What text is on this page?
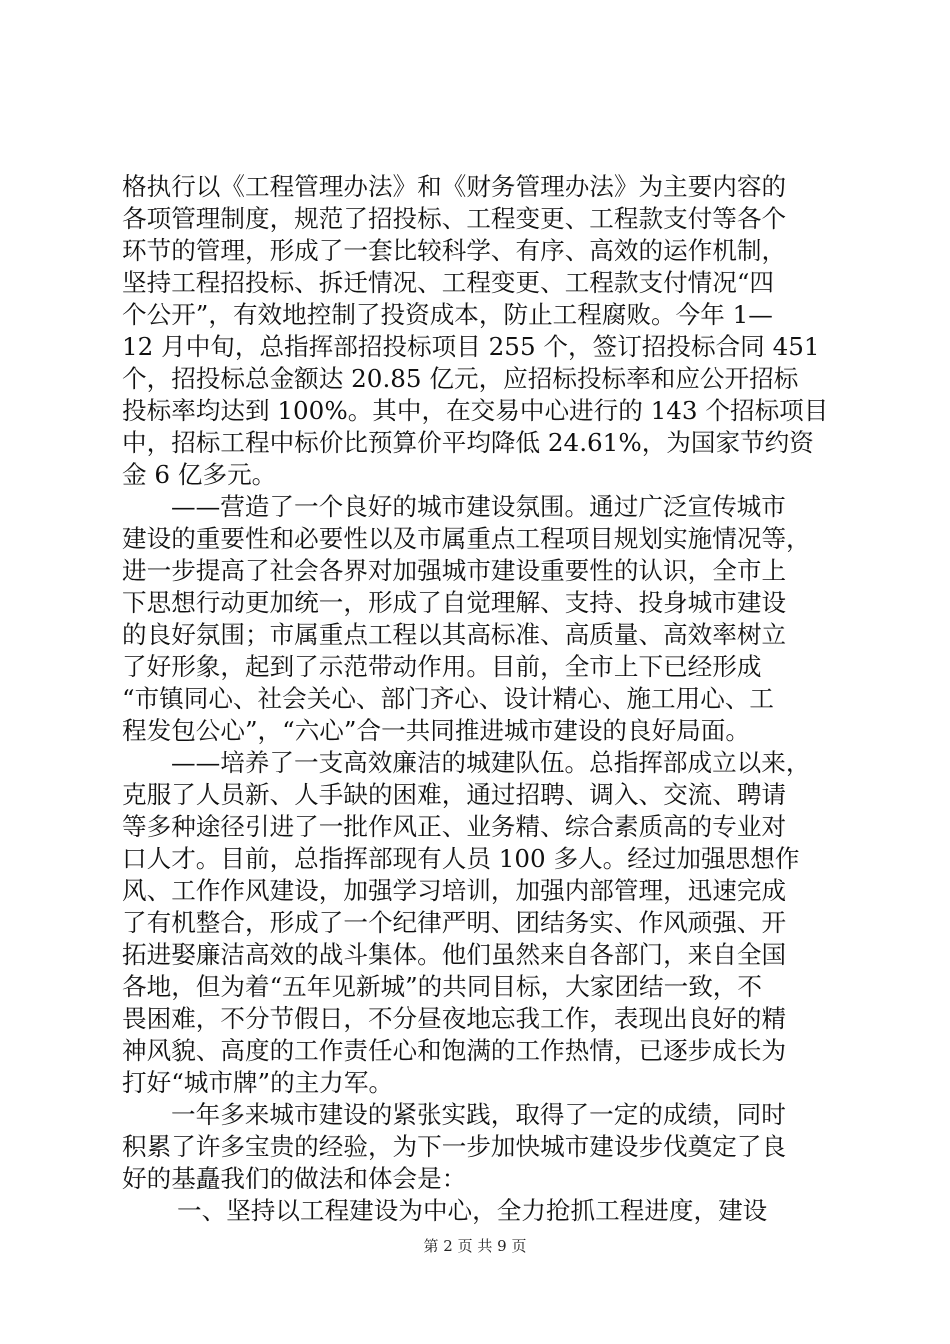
格执行以《工程管理办法》和《财务管理办法》为主要内容的
各项管理制度，规范了招投标、工程变更、工程款支付等各个
环节的管理，形成了一套比较科学、有序、高效的运作机制，
坚持工程招投标、拆迁情况、工程变更、工程款支付情况“四
个公开”，有效地控制了投资成本，防止工程腐败。今年 1—
12 月中旬，总指挥部招投标项目 255 个，签订招投标合同 451
个，招投标总金额达 20.85 亿元，应招标投标率和应公开招标
投标率均达到 100%。其中，在交易中心进行的 143 个招标项目
中，招标工程中标价比预算价平均降低 24.61%，为国家节约资
金 6 亿多元。
——营造了一个良好的城市建设氛围。通过广泛宣传城市
建设的重要性和必要性以及市属重点工程项目规划实施情况等，
进一步提高了社会各界对加强城市建设重要性的认识，全市上
下思想行动更加统一，形成了自觉理解、支持、投身城市建设
的良好氛围；市属重点工程以其高标准、高质量、高效率树立
了好形象，起到了示范带动作用。目前，全市上下已经形成
“市镇同心、社会关心、部门齐心、设计精心、施工用心、工
程发包公心”，“六心”合一共同推进城市建设的良好局面。
——培养了一支高效廉洁的城建队伍。总指挥部成立以来，
克服了人员新、人手缺的困难，通过招聘、调入、交流、聘请
等多种途径引进了一批作风正、业务精、综合素质高的专业对
口人才。目前，总指挥部现有人员 100 多人。经过加强思想作
风、工作作风建设，加强学习培训，加强内部管理，迅速完成
了有机整合，形成了一个纪律严明、团结务实、作风顽强、开
拓进娶廉洁高效的战斗集体。他们虽然来自各部门，来自全国
各地，但为着“五年见新城”的共同目标，大家团结一致，不
畏困难，不分节假日，不分昼夜地忘我工作，表现出良好的精
神风貌、高度的工作责任心和饱满的工作热情，已逐步成长为
打好“城市牌”的主力军。
一年多来城市建设的紧张实践，取得了一定的成绩，同时
积累了许多宝贵的经验，为下一步加快城市建设步伐奠定了良
好的基矗我们的做法和体会是：
一、坚持以工程建设为中心，全力抢抓工程进度，建设
第 2 页 共 9 页
